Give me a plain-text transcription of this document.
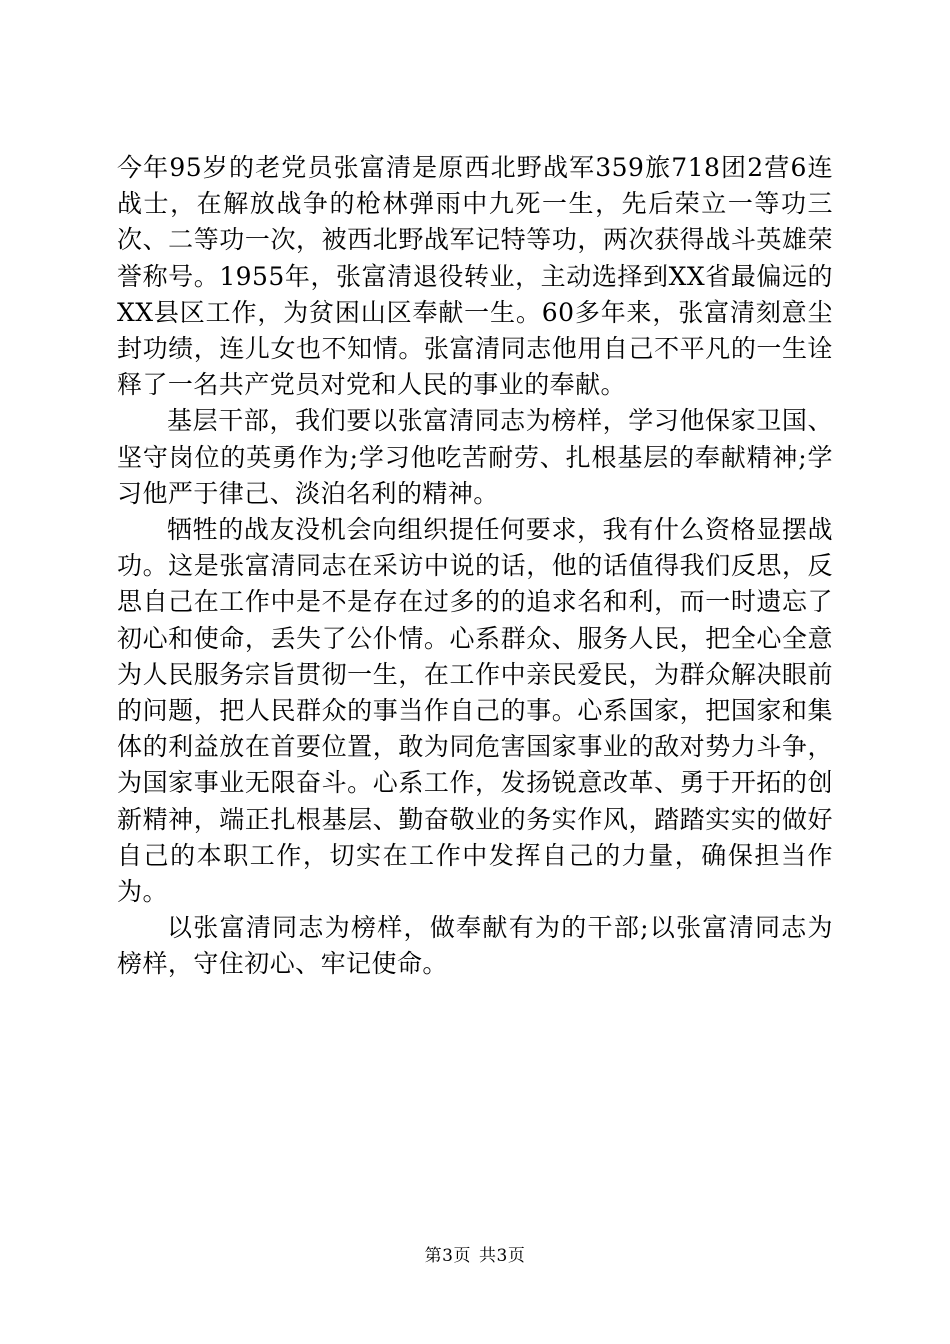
今年95岁的老党员张富清是原西北野战军359旅718团2营6连战士，在解放战争的枪林弹雨中九死一生，先后荣立一等功三次、二等功一次，被西北野战军记特等功，两次获得战斗英雄荣誉称号。1955年，张富清退役转业，主动选择到XX省最偏远的XX县区工作，为贫困山区奉献一生。60多年来，张富清刻意尘封功绩，连儿女也不知情。张富清同志他用自己不平凡的一生诠释了一名共产党员对党和人民的事业的奉献。

基层干部，我们要以张富清同志为榜样，学习他保家卫国、坚守岗位的英勇作为;学习他吃苦耐劳、扎根基层的奉献精神;学习他严于律己、淡泊名利的精神。

牺牲的战友没机会向组织提任何要求，我有什么资格显摆战功。这是张富清同志在采访中说的话，他的话值得我们反思，反思自己在工作中是不是存在过多的的追求名和利，而一时遗忘了初心和使命，丢失了公仆情。心系群众、服务人民，把全心全意为人民服务宗旨贯彻一生，在工作中亲民爱民，为群众解决眼前的问题，把人民群众的事当作自己的事。心系国家，把国家和集体的利益放在首要位置，敢为同危害国家事业的敌对势力斗争，为国家事业无限奋斗。心系工作，发扬锐意改革、勇于开拓的创新精神，端正扎根基层、勤奋敬业的务实作风，踏踏实实的做好自己的本职工作，切实在工作中发挥自己的力量，确保担当作为。

以张富清同志为榜样，做奉献有为的干部;以张富清同志为榜样，守住初心、牢记使命。

第3页 共3页
